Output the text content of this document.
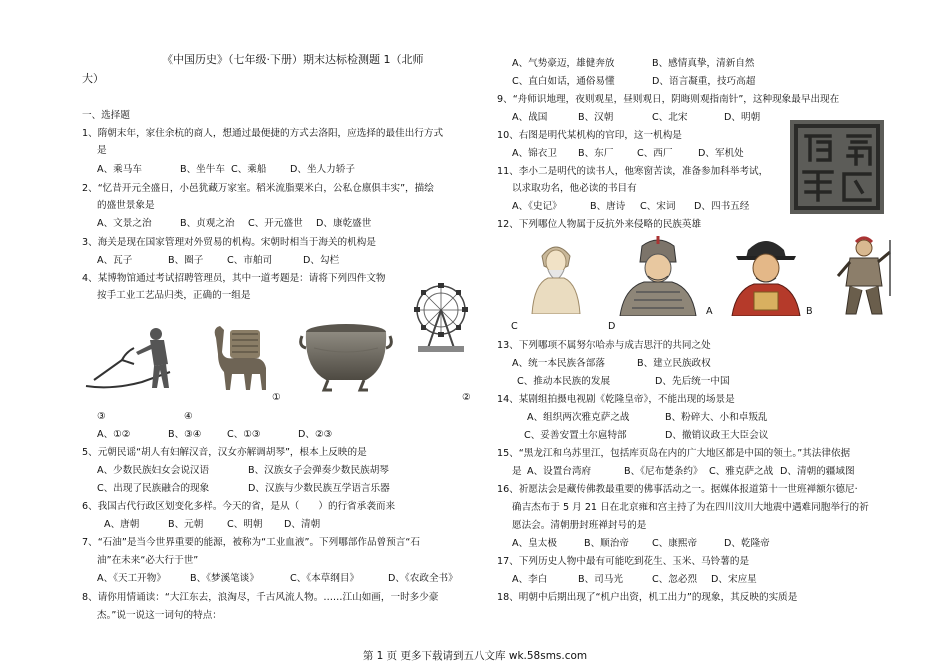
《中国历史》（七年级·下册）期末达标检测题 1（北师
大）
一、选择题
1、隋朝末年，家住余杭的商人，想通过最便捷的方式去洛阳，应选择的最佳出行方式
是
A、乘马车	B、坐牛车 C、乘船 D、坐人力轿子
2、“忆昔开元全盛日，小邑犹藏万家室。稻米流脂粟米白，公私仓廪俱丰实”，描绘
的盛世景象是
A、文景之治	B、贞观之治 C、开元盛世 D、康乾盛世
3、海关是现在国家管理对外贸易的机构。宋朝时相当于海关的机构是
A、瓦子	B、圈子 C、市舶司	D、勾栏
4、某博物馆通过考试招聘管理员，其中一道考题是：请将下列四件文物
按手工业工艺品归类，正确的一组是
①	②
③	④
A、①②	B、③④	C、①③	D、②③
5、元朝民谣“胡人有妇解汉音，汉女亦解调胡琴”，根本上反映的是
A、少数民族妇女会说汉语	B、汉族女子会弹奏少数民族胡琴
C、出现了民族融合的现象	D、汉族与少数民族互学语言乐器
6、我国古代行政区划变化多样。今天的省，是从（　　）的行省承袭而来
A、唐朝	B、元朝 C、明朝 D、清朝
7、“石油”是当今世界重要的能源，被称为“工业血液”。下列哪部作品曾预言“石
油”在未来“必大行于世”
A、《天工开物》	B、《梦溪笔谈》	C、《本草纲目》	D、《农政全书》
8、请你用情诵读：“大江东去，浪淘尽，千古风流人物。……江山如画，一时多少豪
杰。”说一说这一词句的特点：
A、气势豪迈，雄健奔放	B、感情真挚，清新自然
C、直白如话，通俗易懂	D、语言凝重，技巧高超
9、“舟师识地理，夜则观星，昼则观日，阴晦则观指南针”，这种现象最早出现在
A、战国	B、汉朝	C、北宋	D、明朝
10、右图是明代某机构的官印，这一机构是
A、锦衣卫 B、东厂 C、西厂	D、军机处
11、李小二是明代的读书人，他寒窗苦读，准备参加科举考试，
以求取功名，他必读的书目有
A、《史记》	B、唐诗 C、宋词 D、四书五经
12、下列哪位人物属于反抗外来侵略的民族英雄
A	B
C	D
13、下列哪项不属努尔哈赤与成吉思汗的共同之处
A、统一本民族各部落	B、建立民族政权
C、推动本民族的发展	D、先后统一中国
14、某剧组拍摄电视剧《乾隆皇帝》，不能出现的场景是
A、组织两次雅克萨之战	B、粉碎大、小和卓叛乱
C、妥善安置土尔扈特部	D、撤销议政王大臣会议
15、“黑龙江和乌苏里江，包括库页岛在内的广大地区都是中国的领土。”其法律依据
是 A、设置台湾府	B、《尼布楚条约》 C、雅克萨之战 D、清朝的疆域图
16、祈愿法会是藏传佛教最重要的佛事活动之一。据媒体报道第十一世班禅额尔德尼·
确吉杰布于 5 月 21 日在北京雍和宫主持了为在四川汶川大地震中遇难同胞举行的祈
愿法会。清朝册封班禅封号的是
A、皇太极	B、顺治帝 C、康熙帝	D、乾隆帝
17、下列历史人物中最有可能吃到花生、玉米、马铃薯的是
A、李白	B、司马光	C、忽必烈 D、宋应星
18、明朝中后期出现了“机户出资，机工出力”的现象，其反映的实质是
第 1 页 更多下载请到五八文库 wk.58sms.com
